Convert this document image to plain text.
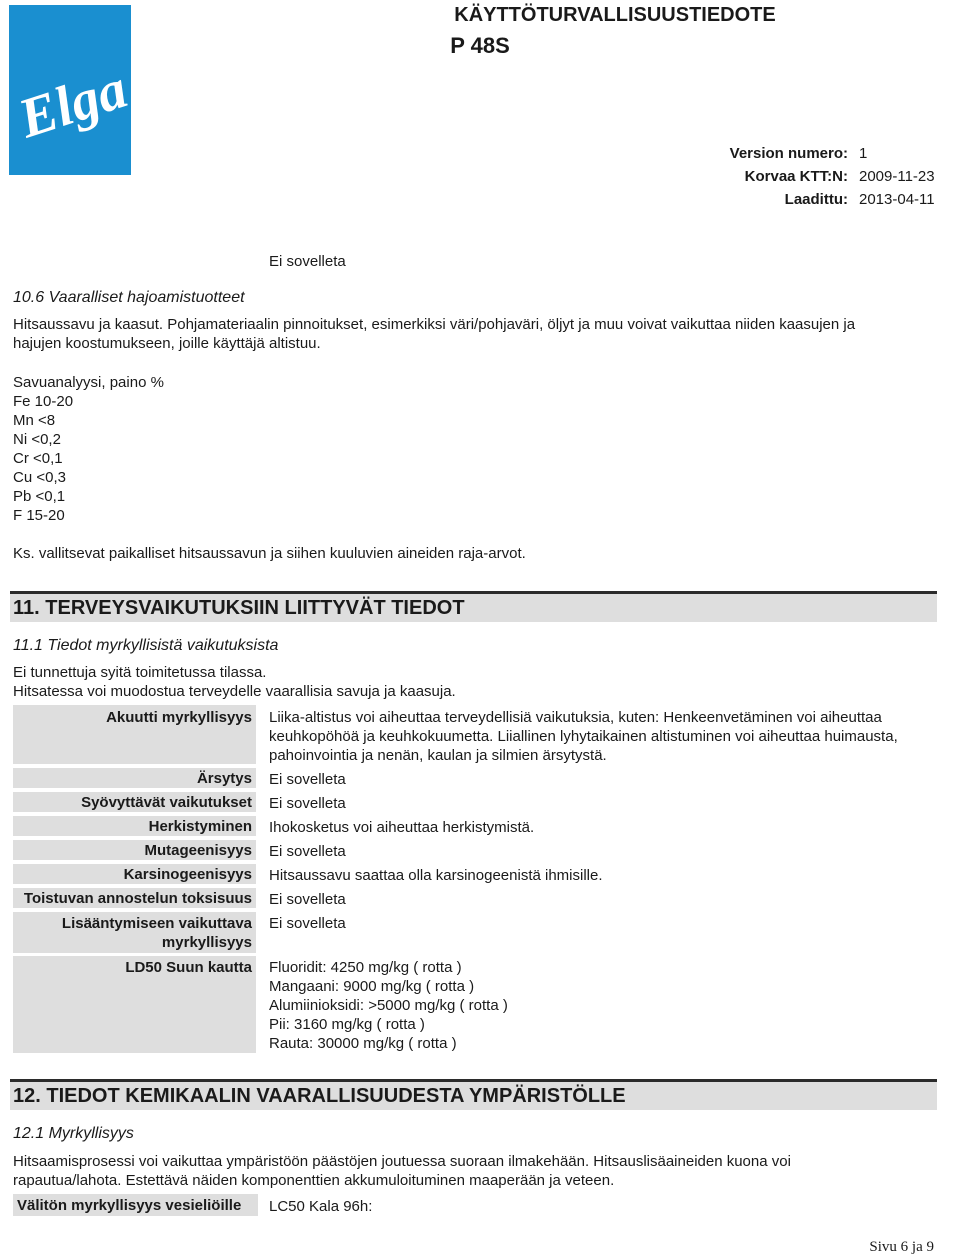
Elga
KÄYTTÖTURVALLISUUSTIEDOTE
P 48S
Version numero: 1
Korvaa KTT:N: 2009-11-23
Laadittu: 2013-04-11
Ei sovelleta
10.6 Vaaralliset hajoamistuotteet
Hitsaussavu ja kaasut. Pohjamateriaalin pinnoitukset, esimerkiksi väri/pohjaväri, öljyt ja muu voivat vaikuttaa niiden kaasujen ja
hajujen koostumukseen, joille käyttäjä altistuu.
Savuanalyysi, paino %
Fe 10-20
Mn <8
Ni <0,2
Cr <0,1
Cu <0,3
Pb <0,1
F 15-20
Ks. vallitsevat paikalliset hitsaussavun ja siihen kuuluvien aineiden raja-arvot.
11. TERVEYSVAIKUTUKSIIN LIITTYVÄT TIEDOT
11.1 Tiedot myrkyllisistä vaikutuksista
Ei tunnettuja syitä toimitetussa tilassa.
Hitsatessa voi muodostua terveydelle vaarallisia savuja ja kaasuja.
Akuutti myrkyllisyys Liika-altistus voi aiheuttaa terveydellisiä vaikutuksia, kuten: Henkeenvetäminen voi aiheuttaa
keuhkopöhöä ja keuhkokuumetta. Liiallinen lyhytaikainen altistuminen voi aiheuttaa huimausta,
pahoinvointia ja nenän, kaulan ja silmien ärsytystä.
Ärsytys Ei sovelleta
Syövyttävät vaikutukset Ei sovelleta
Herkistyminen Ihokosketus voi aiheuttaa herkistymistä.
Mutageenisyys Ei sovelleta
Karsinogeenisyys Hitsaussavu saattaa olla karsinogeenistä ihmisille.
Toistuvan annostelun toksisuus Ei sovelleta
Lisääntymiseen vaikuttava
myrkyllisyys
Ei sovelleta
LD50 Suun kautta Fluoridit: 4250 mg/kg ( rotta )
Mangaani: 9000 mg/kg ( rotta )
Alumiinioksidi: >5000 mg/kg ( rotta )
Pii: 3160 mg/kg ( rotta )
Rauta: 30000 mg/kg ( rotta )
12. TIEDOT KEMIKAALIN VAARALLISUUDESTA YMPÄRISTÖLLE
12.1 Myrkyllisyys
Hitsaamisprosessi voi vaikuttaa ympäristöön päästöjen joutuessa suoraan ilmakehään. Hitsauslisäaineiden kuona voi
rapautua/lahota. Estettävä näiden komponenttien akkumuloituminen maaperään ja veteen.
Välitön myrkyllisyys vesieliöille LC50 Kala 96h:
Sivu 6 ja 9
